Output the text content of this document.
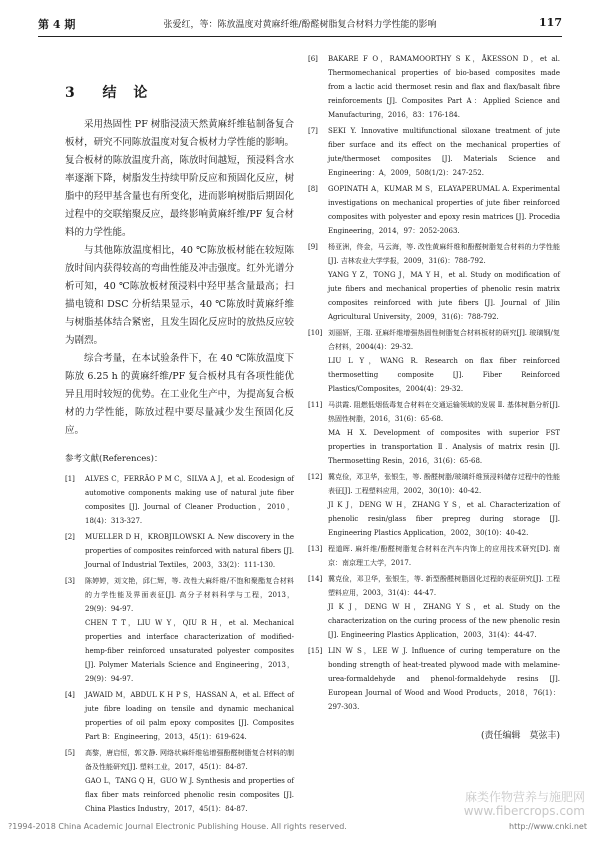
第 4 期	张爱红，等：陈放温度对黄麻纤维/酚醛树脂复合材料力学性能的影响	117
3 结 论

采用热固性 PF 树脂浸渍天然黄麻纤维毡制备复合板材，研究不同陈放温度对复合板材力学性能的影响。复合板材的陈放温度升高，陈放时间越短，预浸料含水率逐渐下降，树脂发生持续甲阶反应和预固化反应，树脂中的羟甲基含量也有所变化，进而影响树脂后期固化过程中的交联缩聚反应，最终影响黄麻纤维/PF 复合材料的力学性能。

与其他陈放温度相比，40 ℃陈放板材能在较短陈放时间内获得较高的弯曲性能及冲击强度。红外光谱分析可知，40 ℃陈放板材预浸料中羟甲基含量最高；扫描电镜和 DSC 分析结果显示，40 ℃陈放时黄麻纤维与树脂基体结合紧密，且发生固化反应时的放热反应较为剧烈。

综合考量，在本试验条件下，在 40 ℃陈放温度下陈放 6.25 h 的黄麻纤维/PF 复合板材具有各项性能优异且用时较短的优势。在工业化生产中，为提高复合板材的力学性能，陈放过程中要尽量减少发生预固化反应。

参考文献(References)：
[1]	ALVES C，FERRÃO P M C，SILVA A J，et al. Ecodesign of automotive components making use of natural jute fiber composites [J]. Journal of Cleaner Production，2010，18(4)：313-327.
[2]	MUELLER D H，KROBJILOWSKI A. New discovery in the properties of composites reinforced with natural fibers [J]. Journal of Industrial Textiles，2003，33(2)：111-130.
[3]	陈婷婷，刘文艳，邱仁辉，等. 改性大麻纤维/不饱和聚酯复合材料的力学性能及界面表征[J]. 高分子材料科学与工程，2013，29(9)：94-97.
CHEN T T，LIU W Y，QIU R H，et al. Mechanical properties and interface characterization of modified-hemp-fiber reinforced unsaturated polyester composites [J]. Polymer Materials Science and Engineering，2013，29(9)：94-97.
[4]	JAWAID M，ABDUL K H P S，HASSAN A，et al. Effect of jute fibre loading on tensile and dynamic mechanical properties of oil palm epoxy composites [J]. Composites Part B：Engineering，2013，45(1)：619-624.
[5]	高黎，唐启恒，郭文静. 网络状麻纤维毡增强酚醛树脂复合材料的制备及性能研究[J]. 塑料工业，2017，45(1)：84-87.
GAO L，TANG Q H，GUO W J. Synthesis and properties of flax fiber mats reinforced phenolic resin composites [J]. China Plastics Industry，2017，45(1)：84-87.
[6]	BAKARE F O，RAMAMOORTHY S K，ÅKESSON D，et al. Thermomechanical properties of bio-based composites made from a lactic acid thermoset resin and flax and flax/basalt fibre reinforcements [J]. Composites Part A：Applied Science and Manufacturing，2016，83：176-184.
[7]	SEKI Y. Innovative multifunctional siloxane treatment of jute fiber surface and its effect on the mechanical properties of jute/thermoset composites [J]. Materials Science and Engineering：A，2009，508(1/2)：247-252.
[8]	GOPINATH A，KUMAR M S，ELAYAPERUMAL A. Experimental investigations on mechanical properties of jute fiber reinforced composites with polyester and epoxy resin matrices [J]. Procedia Engineering，2014，97：2052-2063.
[9]	杨亚洲，佟金，马云海，等. 改性黄麻纤维和酚醛树脂复合材料的力学性能[J]. 吉林农业大学学报，2009，31(6)：788-792.
YANG Y Z，TONG J，MA Y H，et al. Study on modification of jute fibers and mechanical properties of phenolic resin matrix composites reinforced with jute fibers [J]. Journal of Jilin Agricultural University，2009，31(6)：788-792.
[10] 刘丽妍，王瑞. 亚麻纤维增强热固性树脂复合材料板材的研究[J]. 玻璃钢/复合材料，2004(4)：29-32.
LIU L Y，WANG R. Research on flax fiber reinforced thermosetting composite [J]. Fiber Reinforced Plastics/Composites，2004(4)：29-32.
[11] 马洪霞. 阻燃低烟低毒复合材料在交通运输领域的发展 Ⅱ. 基体树脂分析[J]. 热固性树脂，2016，31(6)：65-68.
MA H X. Development of composites with superior FST properties in transportation Ⅱ. Analysis of matrix resin [J]. Thermosetting Resin，2016，31(6)：65-68.
[12] 冀克俭，邓卫华，张银生，等. 酚醛树脂/玻璃纤维预浸料储存过程中的性能表征[J]. 工程塑料应用，2002，30(10)：40-42.
JI K J，DENG W H，ZHANG Y S，et al. Characterization of phenolic resin/glass fiber prepreg during storage [J]. Engineering Plastics Application，2002，30(10)：40-42.
[13] 程道晖. 麻纤维/酚醛树脂复合材料在汽车内饰上的应用技术研究[D]. 南京：南京理工大学，2017.
[14] 冀克俭，邓卫华，张银生，等. 新型酚醛树脂固化过程的表征研究[J]. 工程塑料应用，2003，31(4)：44-47.
JI K J，DENG W H，ZHANG Y S，et al. Study on the characterization on the curing process of the new phenolic resin [J]. Engineering Plastics Application，2003，31(4)：44-47.
[15] LIN W S，LEE W J. Influence of curing temperature on the bonding strength of heat-treated plywood made with melamine-urea-formaldehyde and phenol-formaldehyde resins [J]. European Journal of Wood and Wood Products，2018，76(1)：297-303.
(责任编辑　莫弦丰)
麻类作物营养与施肥网
www.fibercrops.com
?1994-2018 China Academic Journal Electronic Publishing House. All rights reserved.	http://www.cnki.net
